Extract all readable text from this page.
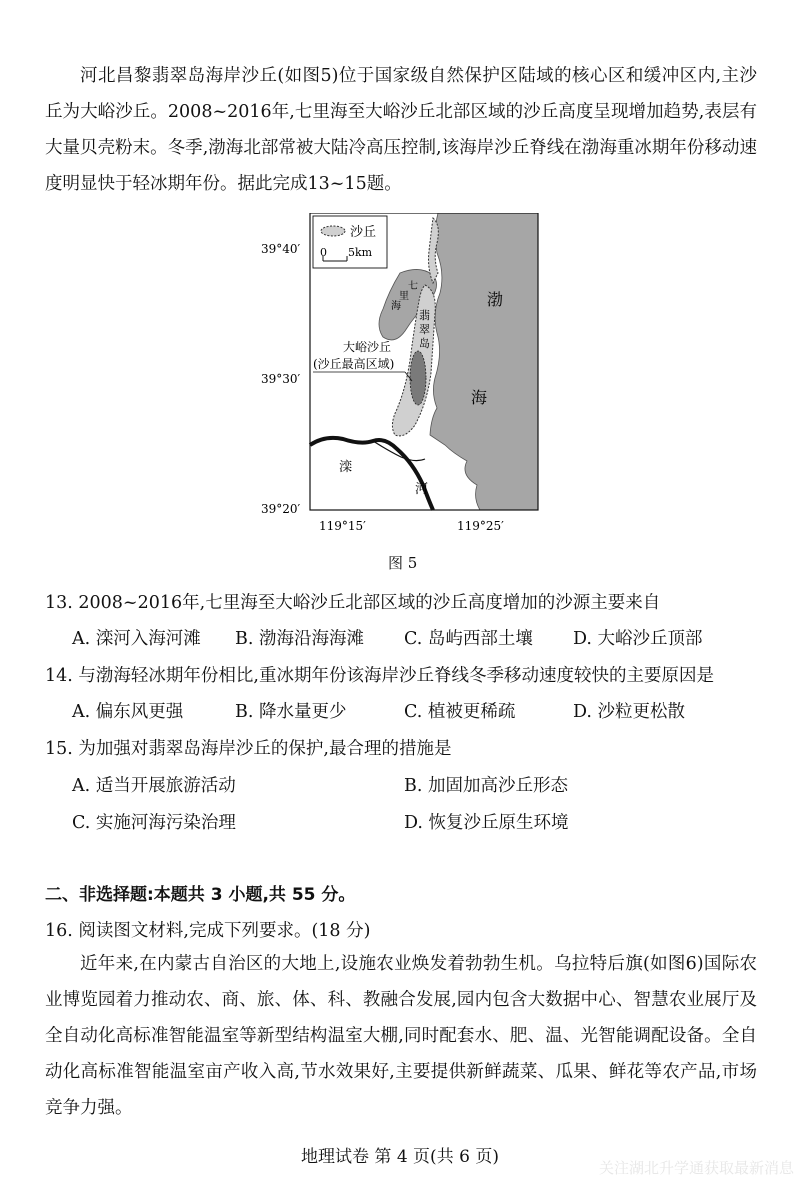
河北昌黎翡翠岛海岸沙丘(如图5)位于国家级自然保护区陆域的核心区和缓冲区内,主沙丘为大峪沙丘。2008~2016年,七里海至大峪沙丘北部区域的沙丘高度呈现增加趋势,表层有大量贝壳粉末。冬季,渤海北部常被大陆冷高压控制,该海岸沙丘脊线在渤海重冰期年份移动速度明显快于轻冰期年份。据此完成13~15题。

沙丘
0 5km
渤
海
七
里
海
翡
翠
岛
大峪沙丘
(沙丘最高区域)
滦
河
39°40′
39°30′
39°20′
119°15′	119°25′
图 5
13. 2008~2016年,七里海至大峪沙丘北部区域的沙丘高度增加的沙源主要来自
A. 滦河入海河滩 B. 渤海沿海海滩 C. 岛屿西部土壤 D. 大峪沙丘顶部
14. 与渤海轻冰期年份相比,重冰期年份该海岸沙丘脊线冬季移动速度较快的主要原因是
A. 偏东风更强	B. 降水量更少	C. 植被更稀疏	D. 沙粒更松散
15. 为加强对翡翠岛海岸沙丘的保护,最合理的措施是
A. 适当开展旅游活动	B. 加固加高沙丘形态
C. 实施河海污染治理	D. 恢复沙丘原生环境
二、非选择题:本题共 3 小题,共 55 分。
16. 阅读图文材料,完成下列要求。(18 分)

近年来,在内蒙古自治区的大地上,设施农业焕发着勃勃生机。乌拉特后旗(如图6)国际农业博览园着力推动农、商、旅、体、科、教融合发展,园内包含大数据中心、智慧农业展厅及全自动化高标准智能温室等新型结构温室大棚,同时配套水、肥、温、光智能调配设备。全自动化高标准智能温室亩产收入高,节水效果好,主要提供新鲜蔬菜、瓜果、鲜花等农产品,市场竞争力强。

地理试卷 第 4 页(共 6 页)
关注湖北升学通获取最新消息
